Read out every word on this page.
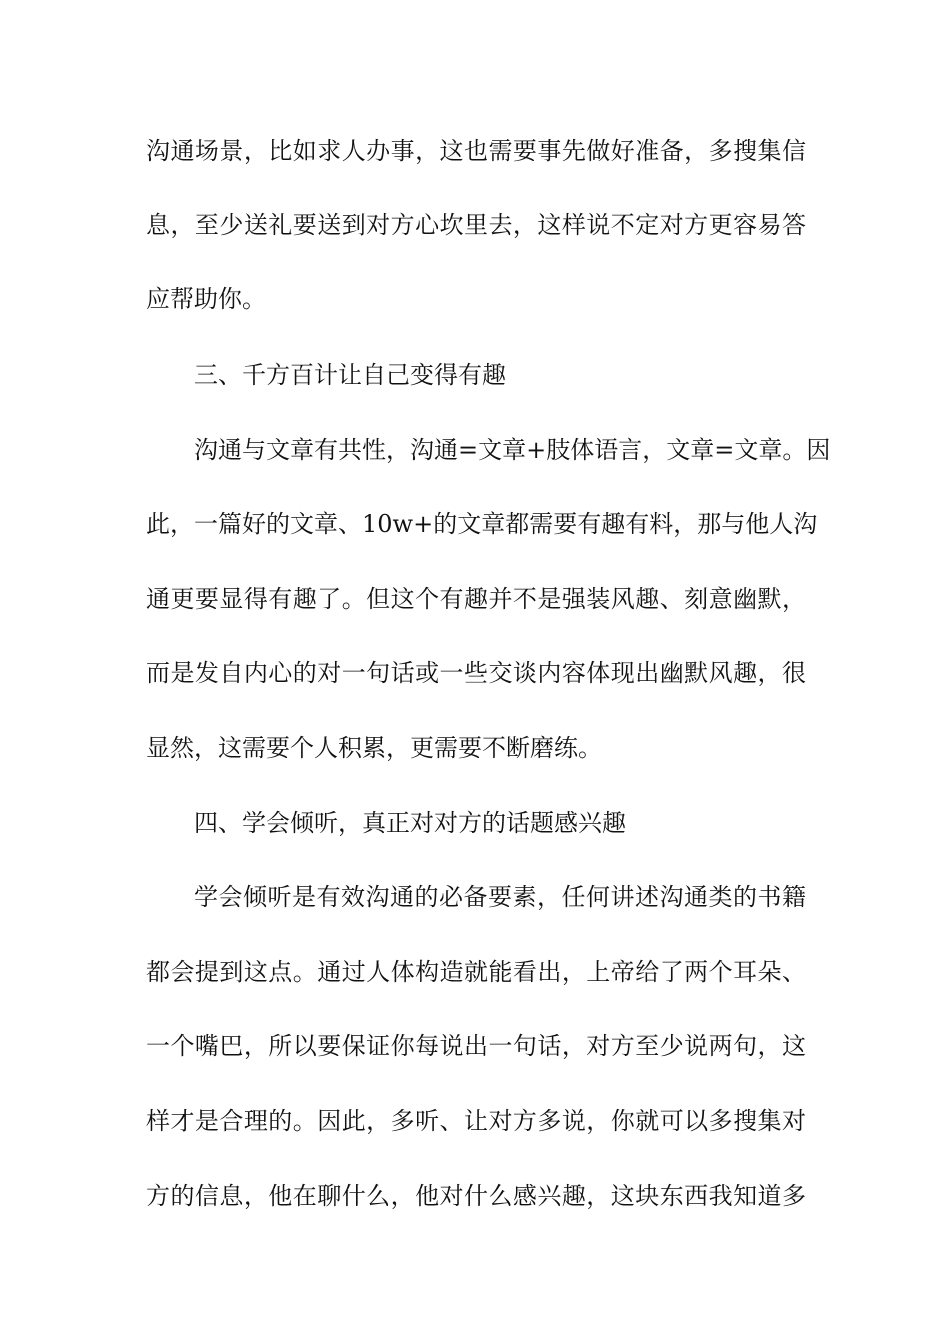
沟通场景，比如求人办事，这也需要事先做好准备，多搜集信
息，至少送礼要送到对方心坎里去，这样说不定对方更容易答
应帮助你。
三、千方百计让自己变得有趣
沟通与文章有共性，沟通=文章+肢体语言，文章=文章。因
此，一篇好的文章、10w+的文章都需要有趣有料，那与他人沟
通更要显得有趣了。但这个有趣并不是强装风趣、刻意幽默，
而是发自内心的对一句话或一些交谈内容体现出幽默风趣，很
显然，这需要个人积累，更需要不断磨练。
四、学会倾听，真正对对方的话题感兴趣
学会倾听是有效沟通的必备要素，任何讲述沟通类的书籍
都会提到这点。通过人体构造就能看出，上帝给了两个耳朵、
一个嘴巴，所以要保证你每说出一句话，对方至少说两句，这
样才是合理的。因此，多听、让对方多说，你就可以多搜集对
方的信息，他在聊什么，他对什么感兴趣，这块东西我知道多
